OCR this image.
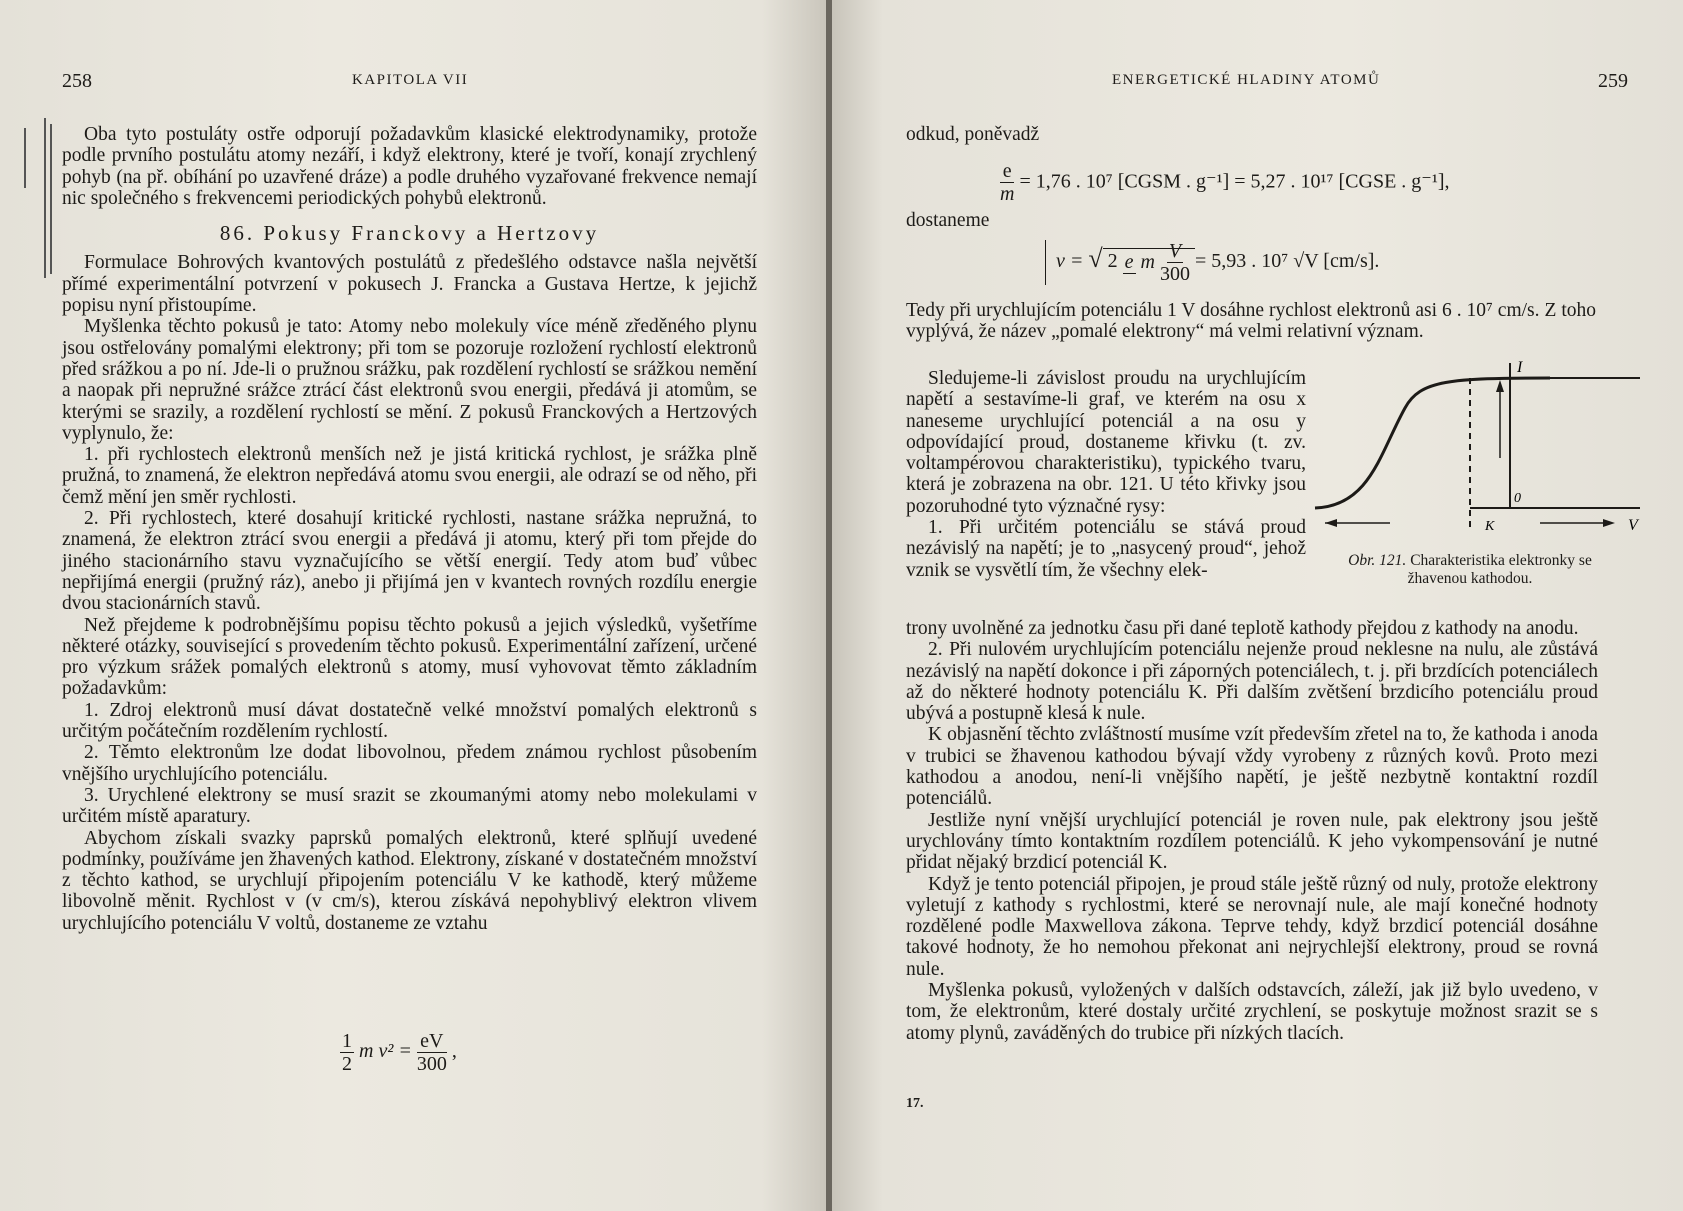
258	KAPITOLA VII

Oba tyto postuláty ostře odporují požadavkům klasické elektrodynamiky, protože podle prvního postulátu atomy nezáří, i když elektrony, které je tvoří, konají zrychlený pohyb (na př. obíhání po uzavřené dráze) a podle druhého vyzařované frekvence nemají nic společného s frekvencemi periodických pohybů elektronů.

86. Pokusy Franckovy a Hertzovy

Formulace Bohrových kvantových postulátů z předešlého odstavce našla největší přímé experimentální potvrzení v pokusech J. Francka a Gustava Hertze, k jejichž popisu nyní přistoupíme.

Myšlenka těchto pokusů je tato: Atomy nebo molekuly více méně zředěného plynu jsou ostřelovány pomalými elektrony; při tom se pozoruje rozložení rychlostí elektronů před srážkou a po ní. Jde-li o pružnou srážku, pak rozdělení rychlostí se srážkou nemění a naopak při nepružné srážce ztrácí část elektronů svou energii, předává ji atomům, se kterými se srazily, a rozdělení rychlostí se mění. Z pokusů Franckových a Hertzových vyplynulo, že:

1. při rychlostech elektronů menších než je jistá kritická rychlost, je srážka plně pružná, to znamená, že elektron nepředává atomu svou energii, ale odrazí se od něho, při čemž mění jen směr rychlosti.

2. Při rychlostech, které dosahují kritické rychlosti, nastane srážka nepružná, to znamená, že elektron ztrácí svou energii a předává ji atomu, který při tom přejde do jiného stacionárního stavu vyznačujícího se větší energií. Tedy atom buď vůbec nepřijímá energii (pružný ráz), anebo ji přijímá jen v kvantech rovných rozdílu energie dvou stacionárních stavů.

Než přejdeme k podrobnějšímu popisu těchto pokusů a jejich výsledků, vyšetříme některé otázky, související s provedením těchto pokusů. Experimentální zařízení, určené pro výzkum srážek pomalých elektronů s atomy, musí vyhovovat těmto základním požadavkům:

1. Zdroj elektronů musí dávat dostatečně velké množství pomalých elektronů s určitým počátečním rozdělením rychlostí.

2. Těmto elektronům lze dodat libovolnou, předem známou rychlost působením vnějšího urychlujícího potenciálu.

3. Urychlené elektrony se musí srazit se zkoumanými atomy nebo molekulami v určitém místě aparatury.

Abychom získali svazky paprsků pomalých elektronů, které splňují uvedené podmínky, používáme jen žhavených kathod. Elektrony, získané v dostatečném množství z těchto kathod, se urychlují připojením potenciálu V ke kathodě, který můžeme libovolně měnit. Rychlost v (v cm/s), kterou získává nepohyblivý elektron vlivem urychlujícího potenciálu V voltů, dostaneme ze vztahu

$\frac{1}{2}$ m $v^2 = \frac{eV}{300}$ ,
ENERGETICKÉ HLADINY ATOMŮ	259

odkud, poněvadž

$\frac{e}{m} = 1,76$ . 10⁷ [CGSM . g⁻¹] = 5,27 . 10¹⁷ [CGSE . g⁻¹],

dostaneme

v = √ 2 e m $\frac{V}{300} = 5,93$ . 10⁷ √V [cm/s].

Tedy při urychlujícím potenciálu 1 V dosáhne rychlost elektronů asi 6 . 10⁷ cm/s. Z toho vyplývá, že název „pomalé elektrony“ má velmi relativní význam.

Sledujeme-li závislost proudu na urychlujícím napětí a sestavíme-li graf, ve kterém na osu x naneseme urychlující potenciál a na osu y odpovídající proud, dostaneme křivku (t. zv. voltampérovou charakteristiku), typického tvaru, která je zobrazena na obr. 121. U této křivky jsou pozoruhodné tyto význačné rysy:

1. Při určitém potenciálu se stává proud nezávislý na napětí; je to „nasycený proud“, jehož vznik se vysvětlí tím, že všechny elek-

I
0
K	V
Obr. 121. Charakteristika elektronky se žhavenou kathodou.

trony uvolněné za jednotku času při dané teplotě kathody přejdou z kathody na anodu.

2. Při nulovém urychlujícím potenciálu nejenže proud neklesne na nulu, ale zůstává nezávislý na napětí dokonce i při záporných potenciálech, t. j. při brzdících potenciálech až do některé hodnoty potenciálu K. Při dalším zvětšení brzdicího potenciálu proud ubývá a postupně klesá k nule.

K objasnění těchto zvláštností musíme vzít především zřetel na to, že kathoda i anoda v trubici se žhavenou kathodou bývají vždy vyrobeny z různých kovů. Proto mezi kathodou a anodou, není-li vnějšího napětí, je ještě nezbytně kontaktní rozdíl potenciálů.

Jestliže nyní vnější urychlující potenciál je roven nule, pak elektrony jsou ještě urychlovány tímto kontaktním rozdílem potenciálů. K jeho vykompensování je nutné přidat nějaký brzdicí potenciál K.

Když je tento potenciál připojen, je proud stále ještě různý od nuly, protože elektrony vyletují z kathody s rychlostmi, které se nerovnají nule, ale mají konečné hodnoty rozdělené podle Maxwellova zákona. Teprve tehdy, když brzdicí potenciál dosáhne takové hodnoty, že ho nemohou překonat ani nejrychlejší elektrony, proud se rovná nule.

Myšlenka pokusů, vyložených v dalších odstavcích, záleží, jak již bylo uvedeno, v tom, že elektronům, které dostaly určité zrychlení, se poskytuje možnost srazit se s atomy plynů, zaváděných do trubice při nízkých tlacích.

17.
